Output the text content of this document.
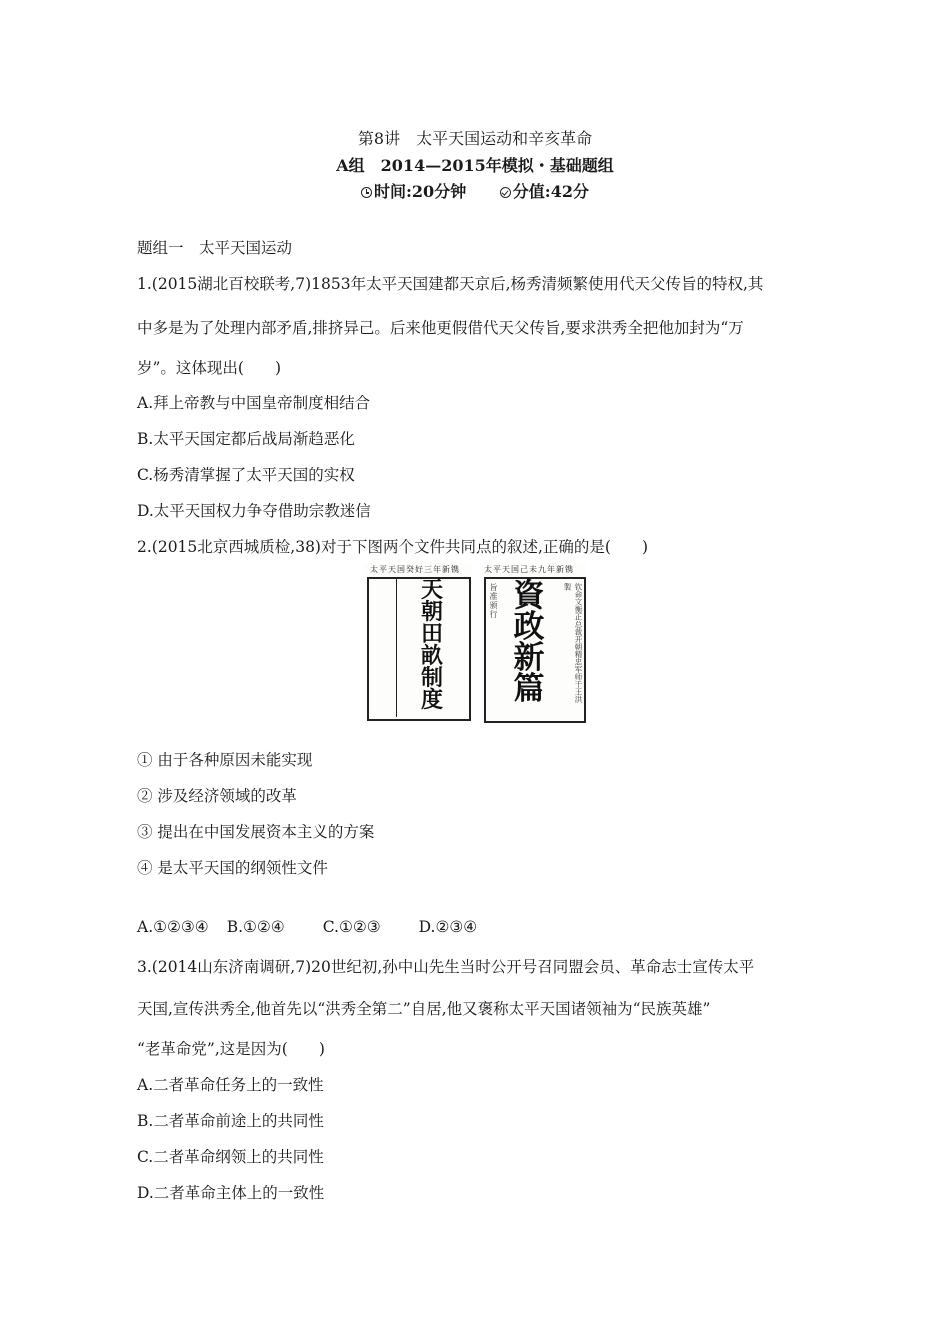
第8讲　太平天国运动和辛亥革命
A组　2014—2015年模拟・基础题组
时间:20分钟	分值:42分
题组一　太平天国运动
1.(2015湖北百校联考,7)1853年太平天国建都天京后,杨秀清频繁使用代天父传旨的特权,其
中多是为了处理内部矛盾,排挤异己。后来他更假借代天父传旨,要求洪秀全把他加封为“万
岁”。这体现出(　　)
A.拜上帝教与中国皇帝制度相结合
B.太平天国定都后战局渐趋恶化
C.杨秀清掌握了太平天国的实权
D.太平天国权力争夺借助宗教迷信
2.(2015北京西城质检,38)对于下图两个文件共同点的叙述,正确的是(　　)
太平天国癸好三年新镌
天
朝
田
畝
制
度
太平天国己未九年新镌
旨准颁行 資
政
新
篇	钦命文衡正总裁开朝精忠军师干王洪　製
① 由于各种原因未能实现
② 涉及经济领域的改革
③ 提出在中国发展资本主义的方案
④ 是太平天国的纲领性文件
A.①②③④ B.①②④ C.①②③ D.②③④
3.(2014山东济南调研,7)20世纪初,孙中山先生当时公开号召同盟会员、革命志士宣传太平
天国,宣传洪秀全,他首先以“洪秀全第二”自居,他又褒称太平天国诸领袖为“民族英雄”
“老革命党”,这是因为(　　)
A.二者革命任务上的一致性
B.二者革命前途上的共同性
C.二者革命纲领上的共同性
D.二者革命主体上的一致性
